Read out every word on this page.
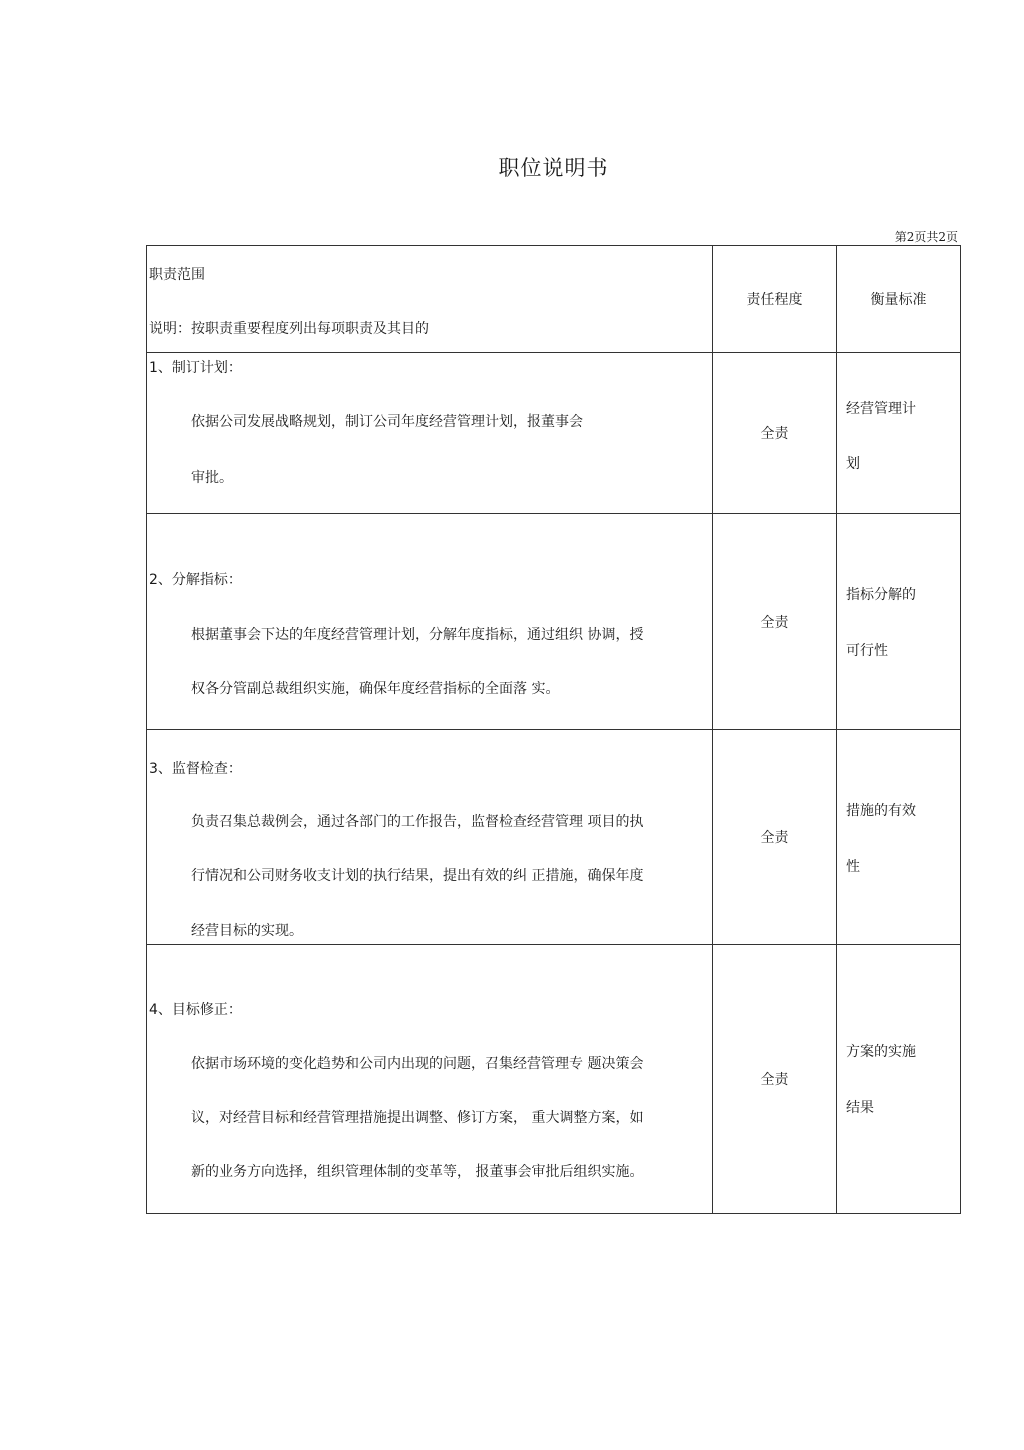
职位说明书
第2页共2页
职责范围
说明：按职责重要程度列出每项职责及其目的	责任程度	衡量标准

1、制订计划：
依据公司发展战略规划，制订公司年度经营管理计划，报董事会
审批。	全责	经营管理计
划

2、分解指标：
根据董事会下达的年度经营管理计划，分解年度指标，通过组织 协调，授
权各分管副总裁组织实施，确保年度经营指标的全面落 实。	全责	指标分解的
可行性

3、监督检查：
负责召集总裁例会，通过各部门的工作报告，监督检查经营管理 项目的执
行情况和公司财务收支计划的执行结果，提出有效的纠 正措施，确保年度
经营目标的实现。	全责	措施的有效
性

4、目标修正：
依据市场环境的变化趋势和公司内出现的问题，召集经营管理专 题决策会
议，对经营目标和经营管理措施提出调整、修订方案， 重大调整方案，如
新的业务方向选择，组织管理体制的变革等， 报董事会审批后组织实施。	全责	方案的实施
结果
